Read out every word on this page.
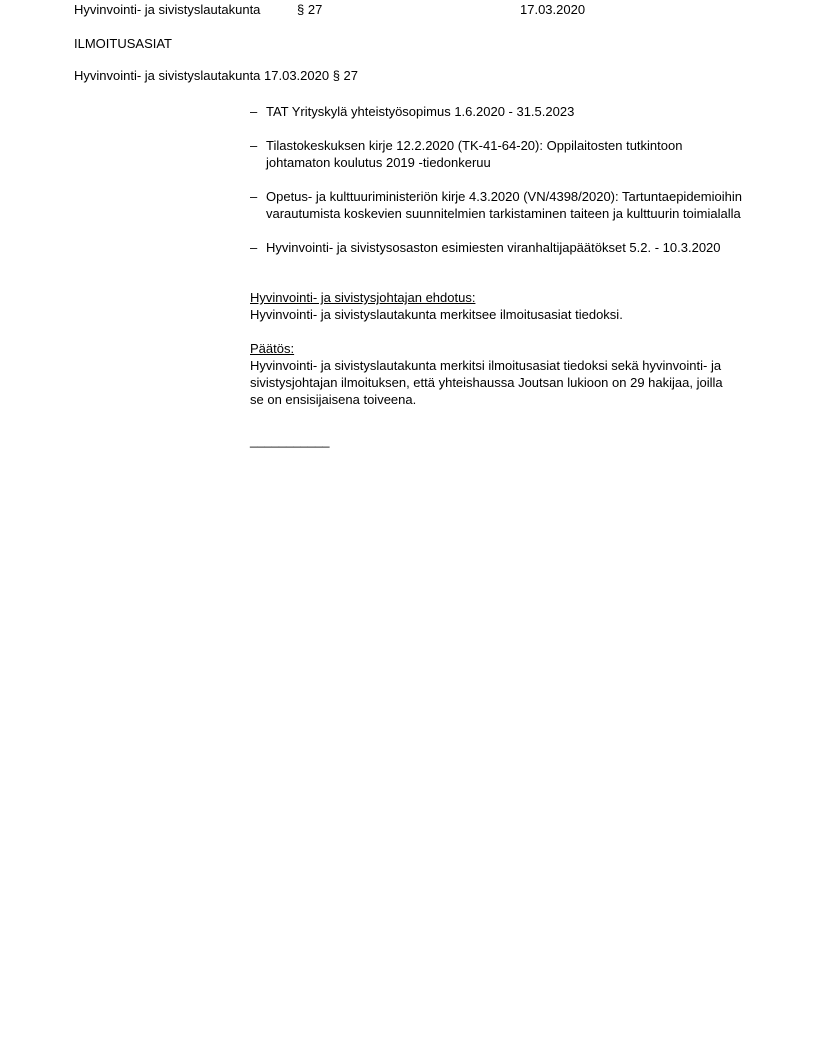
Hyvinvointi- ja sivistyslautakunta	§ 27	17.03.2020
ILMOITUSASIAT
Hyvinvointi- ja sivistyslautakunta 17.03.2020 § 27
– TAT Yrityskylä yhteistyösopimus 1.6.2020 - 31.5.2023
– Tilastokeskuksen kirje 12.2.2020 (TK-41-64-20): Oppilaitosten tutkintoon johtamaton koulutus 2019 -tiedonkeruu
– Opetus- ja kulttuuriministeriön kirje 4.3.2020 (VN/4398/2020): Tartuntaepidemioihin varautumista koskevien suunnitelmien tarkistaminen taiteen ja kulttuurin toimialalla
– Hyvinvointi- ja sivistysosaston esimiesten viranhaltijapäätökset 5.2. - 10.3.2020
Hyvinvointi- ja sivistysjohtajan ehdotus:
Hyvinvointi- ja sivistyslautakunta merkitsee ilmoitusasiat tiedoksi.
Päätös:
Hyvinvointi- ja sivistyslautakunta merkitsi ilmoitusasiat tiedoksi sekä hyvinvointi- ja sivistysjohtajan ilmoituksen, että yhteishaussa Joutsan lukioon on 29 hakijaa, joilla se on ensisijaisena toiveena.
___________
